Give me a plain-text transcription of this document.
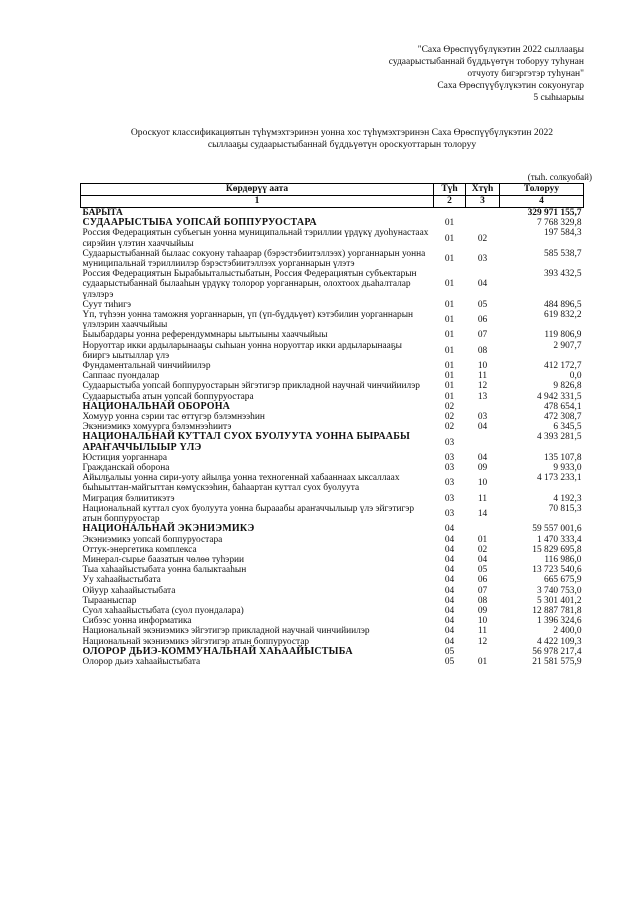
"Саха Өрөспүүбүлүкэтин 2022 сыллааҕы
судаарыстыбаннай бүддьүөтүн тоборуу туһунан
отчуоту бигэргэтэр туһунан"
Саха Өрөспүүбүлүкэтин сокуонугар
5 сыһыарыы
Ороскуот классификациятын түһүмэхтэринэн уонна хос түһүмэхтэринэн Саха Өрөспүүбүлүкэтин 2022
сыллааҕы судаарыстыбаннай бүддьүөтүн ороскуоттарын толоруу
(тыһ. солкуобай)
Көрдөрүү аата	Түһ	Хтүһ	Толоруу
1	2	3	4
БАРЫТА			329 971 155,7
СУДААРЫСТЫБА УОПСАЙ БОППУРУОСТАРА	01		7 768 329,8
Россия Федерациятын субъегын уонна муниципальнай тэриллии үрдүкү дуоһунастаах сирэйин үлэтин хааччыйыы	01	02	197 584,3
Судаарыстыбаннай былаас сокуону таһаарар (бэрэстэбиитэллээх) уорганнарын уонна муниципальнай тэриллиилэр бэрэстэбиитэллээх уорганнарын үлэтэ	01	03	585 538,7
Россия Федерациятын Бырабыыталыстыбатын, Россия Федерациятын субъектарын судаарыстыбаннай былааһын үрдүкү толорор уорганнарын, олохтоох дьаһалталар үлэлэрэ	01	04	393 432,5
Суут тиһигэ	01	05	484 896,5
Үп, түһээн уонна таможня уорганнарын, үп (үп-бүддьүөт) кэтэбилин уорганнарын үлэлэрин хааччыйыы	01	06	619 832,2
Быыбардары уонна референдуммнары ыытыыны хааччыйыы	01	07	119 806,9
Норуоттар икки ардыларынааҕы сыһыан уонна норуоттар икки ардыларынааҕы бииргэ ыытыллар үлэ	01	08	2 907,7
Фундаментальнай чинчийиилэр	01	10	412 172,7
Саппаас пуондалар	01	11	0,0
Судаарыстыба уопсай боппуруостарын эйгэтигэр прикладной научнай чинчийиилэр	01	12	9 826,8
Судаарыстыба атын уопсай боппуруостара	01	13	4 942 331,5
НАЦИОНАЛЬНАЙ ОБОРОНА	02		478 654,1
Хомуур уонна сэрии тас өттүгэр бэлэмнээһин	02	03	472 308,7
Экэниэмикэ хомуурга бэлэмнээһиитэ	02	04	6 345,5
НАЦИОНАЛЬНАЙ КУТТАЛ СУОХ БУОЛУУТА УОННА БЫРААБЫ АРАҤАЧЧЫЛЫЫР ҮЛЭ	03		4 393 281,5
Юстиция уорганнара	03	04	135 107,8
Гражданскай оборона	03	09	9 933,0
Айылҕалыы уонна сири-уоту айылҕа уонна техногеннай хабааннаах ыксаллаах быһыыттан-майгыттан көмүскээһин, баһаартан куттал суох буолуута	03	10	4 173 233,1
Миграция бэлиитикэтэ	03	11	4 192,3
Национальнай куттал суох буолуута уонна бырааабы араҥаччылыыр үлэ эйгэтигэр атын боппуруостар	03	14	70 815,3
НАЦИОНАЛЬНАЙ ЭКЭНИЭМИКЭ	04		59 557 001,6
Экэниэмикэ уопсай боппуруостара	04	01	1 470 333,4
Оттук-энергетика комплекса	04	02	15 829 695,8
Минерал-сырье баазатын чөлөө туһэрии	04	04	116 986,0
Тыа хаһаайыстыбата уонна балыктааһын	04	05	13 723 540,6
Уу хаһаайыстыбата	04	06	665 675,9
Ойуур хаһаайыстыбата	04	07	3 740 753,0
Тырааныспар	04	08	5 301 401,2
Суол хаһаайыстыбата (суол пуондалара)	04	09	12 887 781,8
Сибээс уонна информатика	04	10	1 396 324,6
Национальнай экэниэмикэ эйгэтигэр прикладной научнай чинчийиилэр	04	11	2 400,0
Национальнай экэниэмикэ эйгэтигэр атын боппуруостар	04	12	4 422 109,3
ОЛОРОР ДЬИЭ-КОММУНАЛЬНАЙ ХАҺААЙЫСТЫБА	05		56 978 217,4
Олорор дьиэ хаһаайыстыбата	05	01	21 581 575,9
